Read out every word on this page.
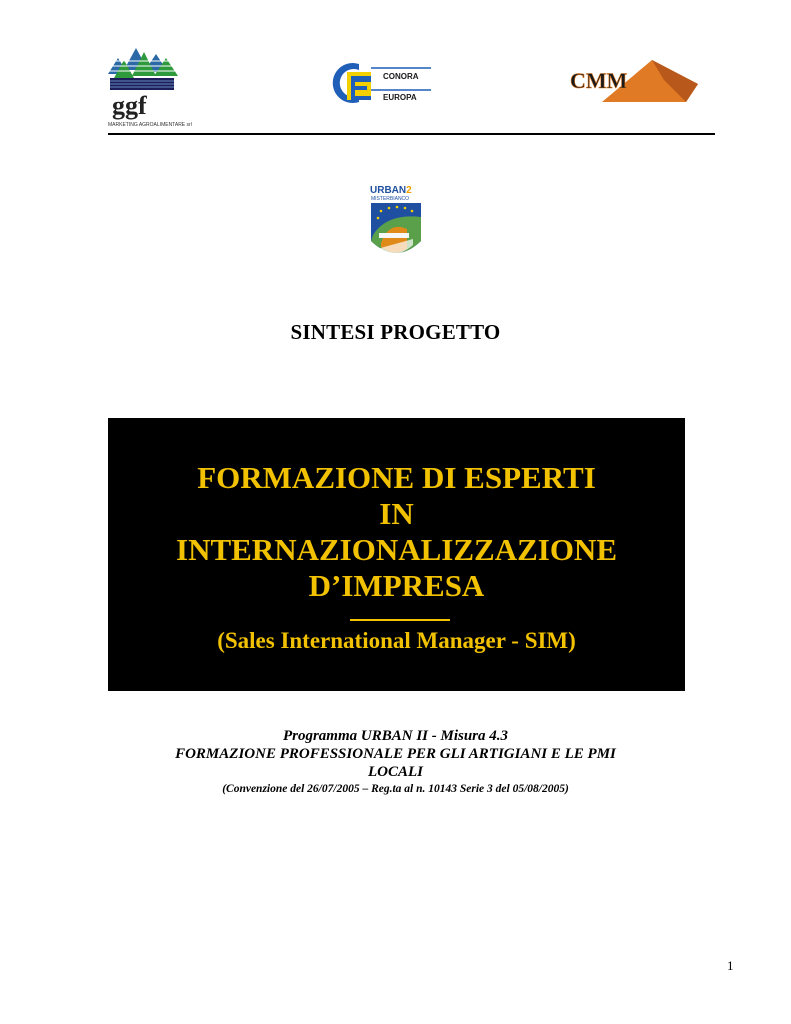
ggf
MARKETING AGROALIMENTARE srl
CONORA
EUROPA
CMM
URBAN2
MISTERBIANCO
SINTESI PROGETTO
FORMAZIONE DI ESPERTI
IN
INTERNAZIONALIZZAZIONE
D’IMPRESA
(Sales International Manager - SIM)
Programma URBAN II - Misura 4.3
FORMAZIONE PROFESSIONALE PER GLI ARTIGIANI E LE PMI
LOCALI
(Convenzione del 26/07/2005 – Reg.ta al n. 10143 Serie 3 del 05/08/2005)
1
